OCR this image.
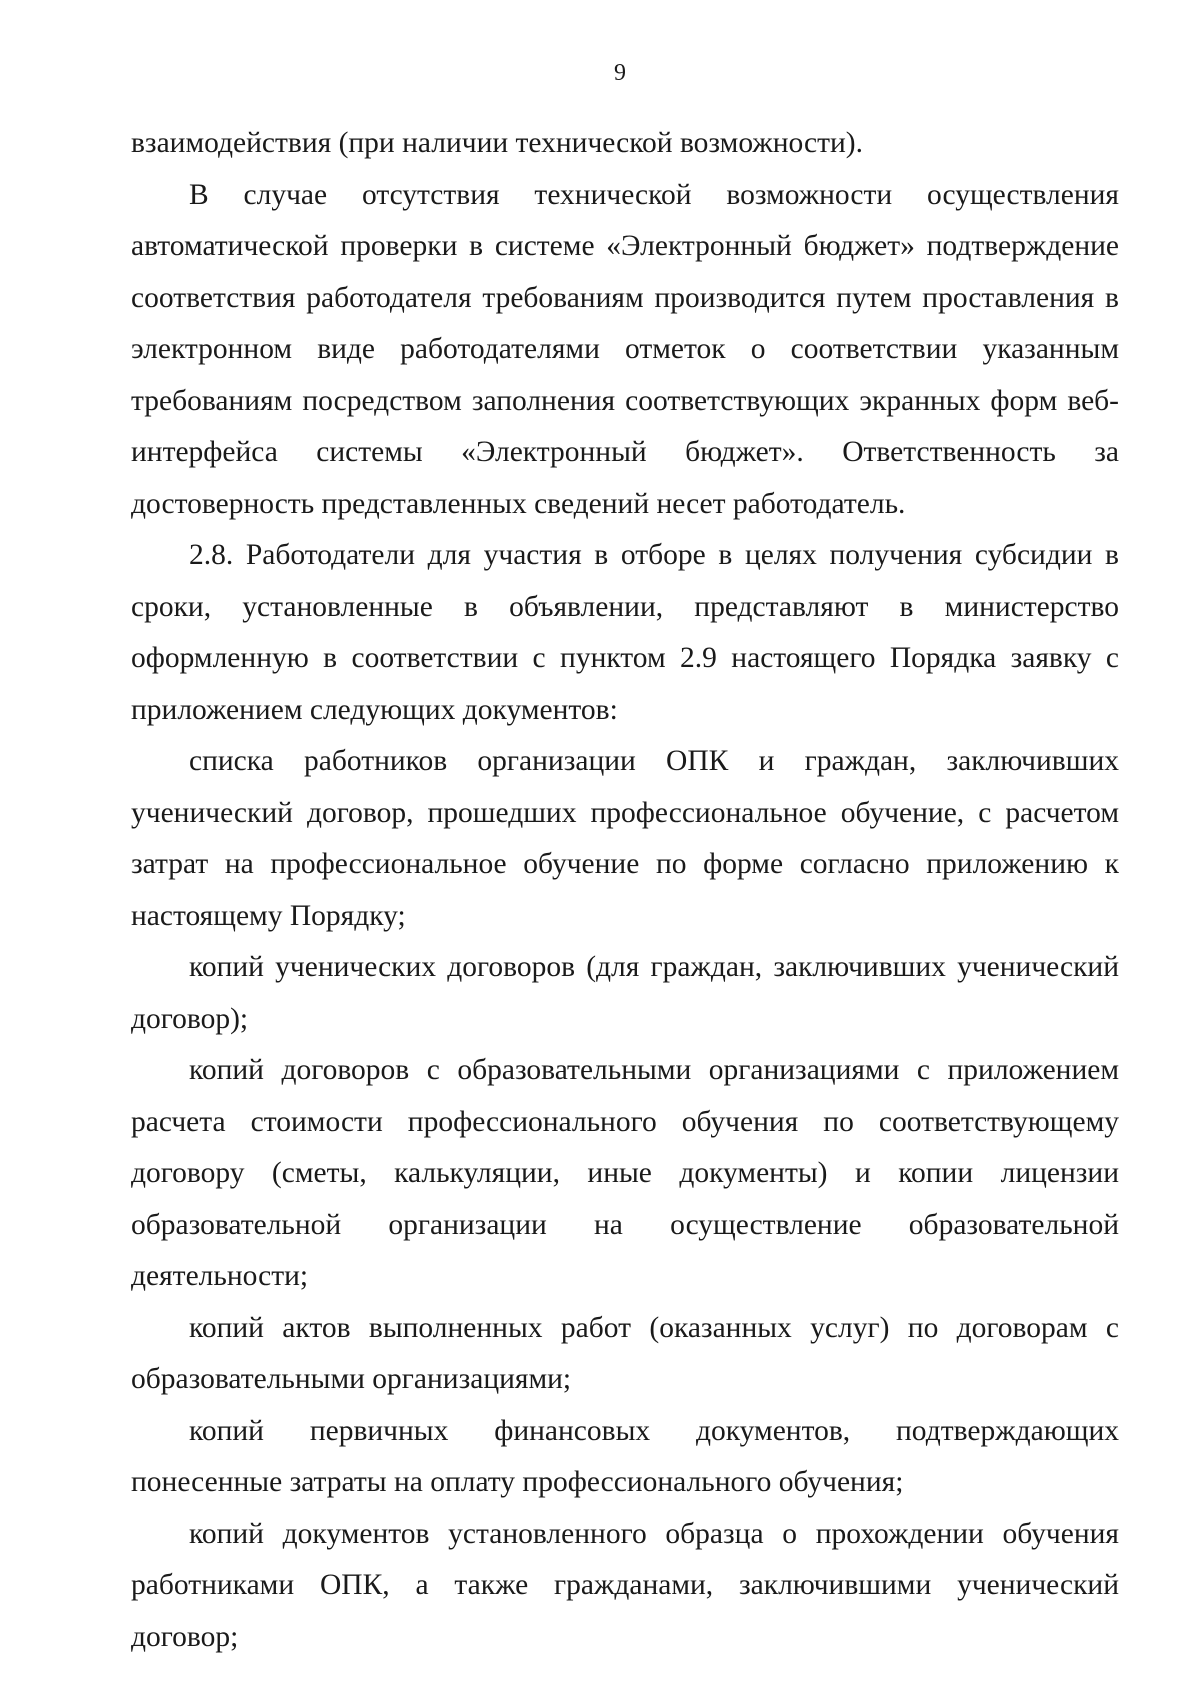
9

взаимодействия (при наличии технической возможности).

В случае отсутствия технической возможности осуществления автоматической проверки в системе «Электронный бюджет» подтверждение соответствия работодателя требованиям производится путем проставления в электронном виде работодателями отметок о соответствии указанным требованиям посредством заполнения соответствующих экранных форм веб-интерфейса системы «Электронный бюджет». Ответственность за достоверность представленных сведений несет работодатель.

2.8. Работодатели для участия в отборе в целях получения субсидии в сроки, установленные в объявлении, представляют в министерство оформленную в соответствии с пунктом 2.9 настоящего Порядка заявку с приложением следующих документов:

списка работников организации ОПК и граждан, заключивших ученический договор, прошедших профессиональное обучение, с расчетом затрат на профессиональное обучение по форме согласно приложению к настоящему Порядку;

копий ученических договоров (для граждан, заключивших ученический договор);

копий договоров с образовательными организациями с приложением расчета стоимости профессионального обучения по соответствующему договору (сметы, калькуляции, иные документы) и копии лицензии образовательной организации на осуществление образовательной деятельности;

копий актов выполненных работ (оказанных услуг) по договорам с образовательными организациями;

копий первичных финансовых документов, подтверждающих понесенные затраты на оплату профессионального обучения;

копий документов установленного образца о прохождении обучения работниками ОПК, а также гражданами, заключившими ученический договор;
